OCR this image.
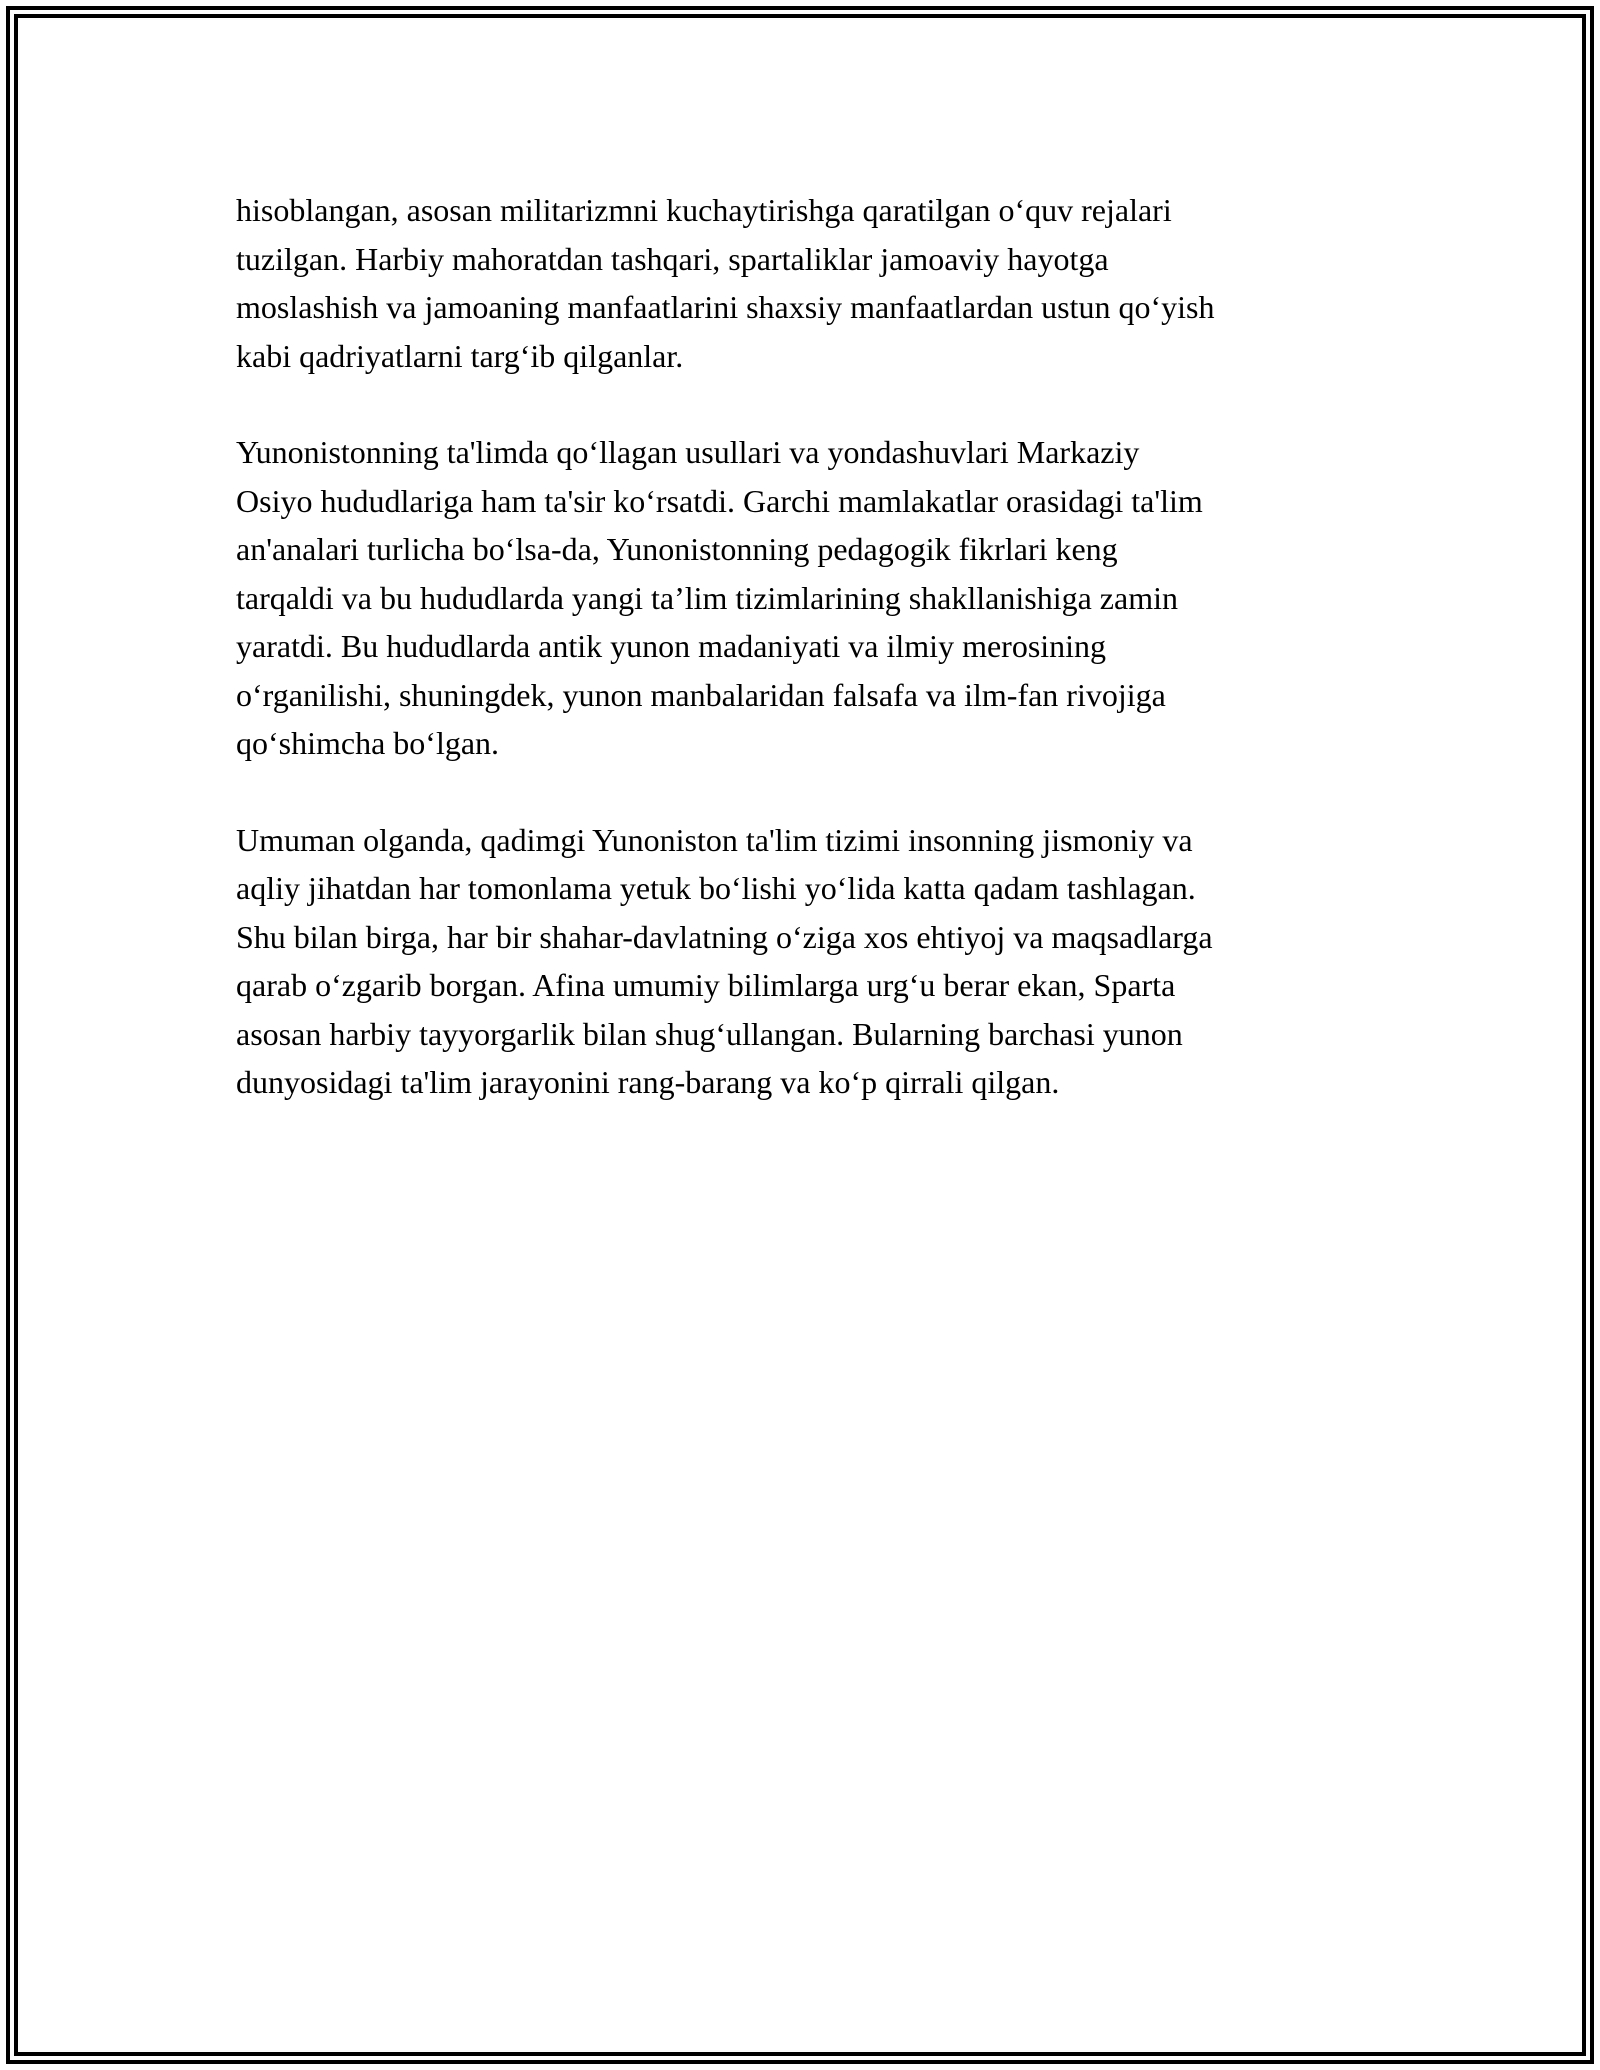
hisoblangan, asosan militarizmni kuchaytirishga qaratilgan o‘quv rejalari
tuzilgan. Harbiy mahoratdan tashqari, spartaliklar jamoaviy hayotga
moslashish va jamoaning manfaatlarini shaxsiy manfaatlardan ustun qo‘yish
kabi qadriyatlarni targ‘ib qilganlar.

Yunonistonning ta'limda qo‘llagan usullari va yondashuvlari Markaziy
Osiyo hududlariga ham ta'sir ko‘rsatdi. Garchi mamlakatlar orasidagi ta'lim
an'analari turlicha bo‘lsa-da, Yunonistonning pedagogik fikrlari keng
tarqaldi va bu hududlarda yangi ta’lim tizimlarining shakllanishiga zamin
yaratdi. Bu hududlarda antik yunon madaniyati va ilmiy merosining
o‘rganilishi, shuningdek, yunon manbalaridan falsafa va ilm-fan rivojiga
qo‘shimcha bo‘lgan.

Umuman olganda, qadimgi Yunoniston ta'lim tizimi insonning jismoniy va
aqliy jihatdan har tomonlama yetuk bo‘lishi yo‘lida katta qadam tashlagan.
Shu bilan birga, har bir shahar-davlatning o‘ziga xos ehtiyoj va maqsadlarga
qarab o‘zgarib borgan. Afina umumiy bilimlarga urg‘u berar ekan, Sparta
asosan harbiy tayyorgarlik bilan shug‘ullangan. Bularning barchasi yunon
dunyosidagi ta'lim jarayonini rang-barang va ko‘p qirrali qilgan.
